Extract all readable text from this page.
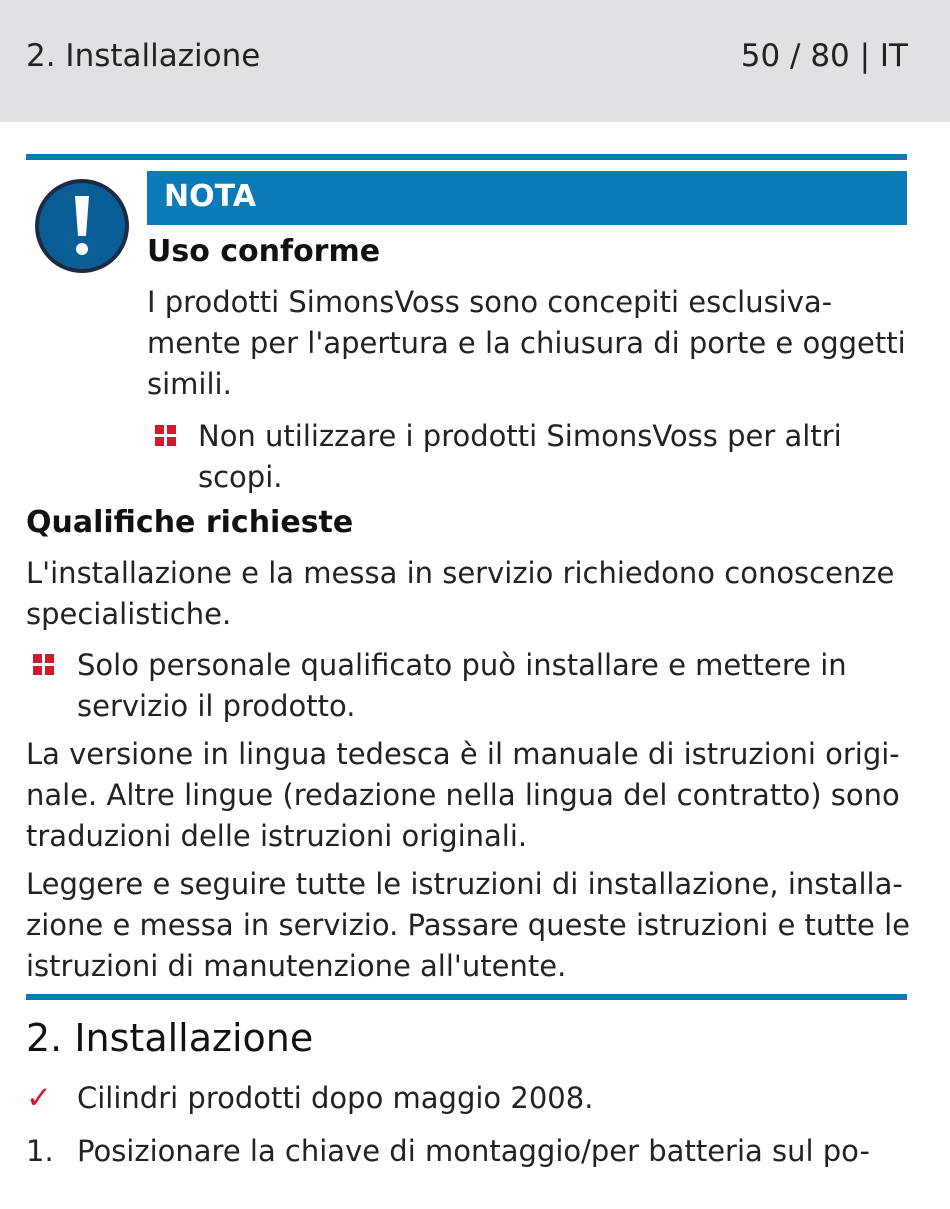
2. Installazione	50 / 80 | IT
NOTA
Uso conforme
I prodotti SimonsVoss sono concepiti esclusiva-mente per l'apertura e la chiusura di porte e oggetti simili.
Non utilizzare i prodotti SimonsVoss per altri scopi.
Qualifiche richieste
L'installazione e la messa in servizio richiedono conoscenze specialistiche.
Solo personale qualificato può installare e mettere in servizio il prodotto.
La versione in lingua tedesca è il manuale di istruzioni origi-nale. Altre lingue (redazione nella lingua del contratto) sono traduzioni delle istruzioni originali.
Leggere e seguire tutte le istruzioni di installazione, installa-zione e messa in servizio. Passare queste istruzioni e tutte le istruzioni di manutenzione all'utente.
2. Installazione
✓ Cilindri prodotti dopo maggio 2008.
1. Posizionare la chiave di montaggio/per batteria sul po-
